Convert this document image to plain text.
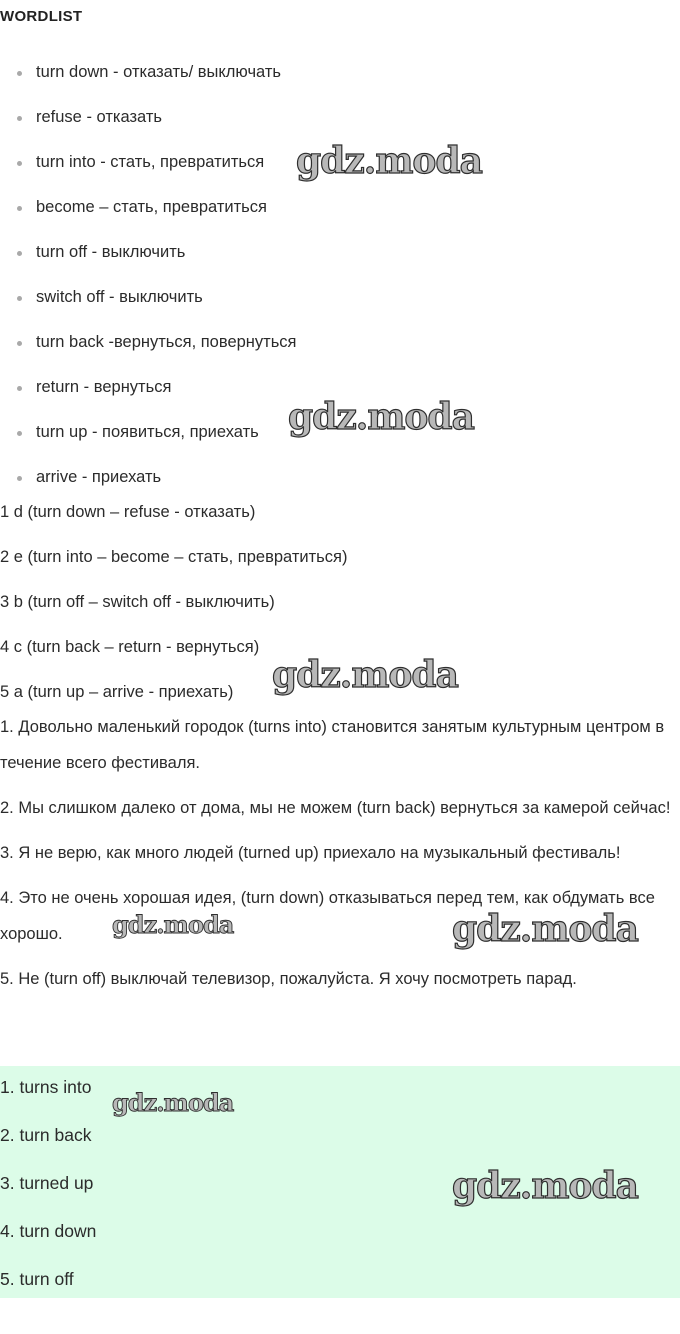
WORDLIST
turn down - отказать/ выключать
refuse - отказать
turn into - стать, превратиться
become – стать, превратиться
turn off - выключить
switch off - выключить
turn back -вернуться, повернуться
return - вернуться
turn up - появиться, приехать
arrive - приехать
1 d (turn down – refuse - отказать)
2 e (turn into – become – стать, превратиться)
3 b (turn off – switch off - выключить)
4 c (turn back – return - вернуться)
5 a (turn up – arrive - приехать)

1. Довольно маленький городок (turns into) становится занятым культурным центром в течение всего фестиваля.

2. Мы слишком далеко от дома, мы не можем (turn back) вернуться за камерой сейчас!

3. Я не верю, как много людей (turned up) приехало на музыкальный фестиваль!

4. Это не очень хорошая идея, (turn down) отказываться перед тем, как обдумать все хорошо.

5. Не (turn off) выключай телевизор, пожалуйста. Я хочу посмотреть парад.

1. turns into
2. turn back
3. turned up
4. turn down
5. turn off
gdz.moda
gdz.moda
gdz.moda
gdz.moda	gdz.moda
gdz.moda
gdz.moda
